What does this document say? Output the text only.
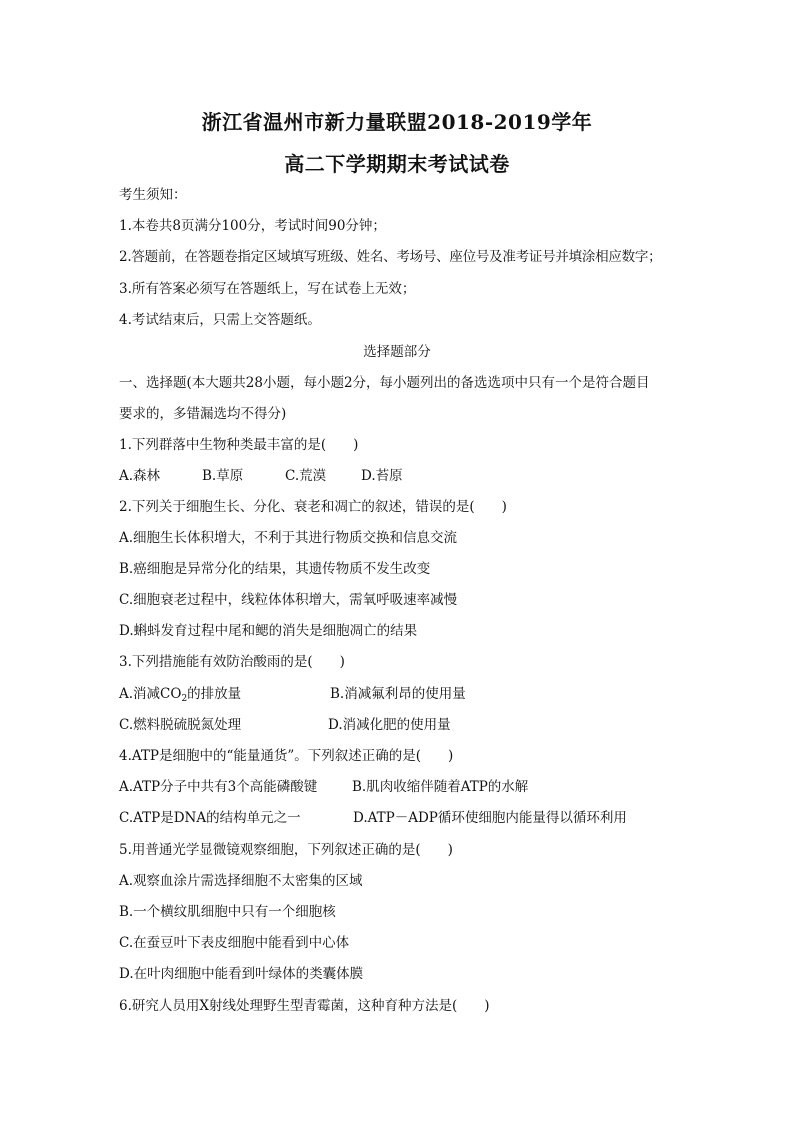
浙江省温州市新力量联盟2018-2019学年
高二下学期期末考试试卷
考生须知：
1.本卷共8页满分100分，考试时间90分钟；
2.答题前，在答题卷指定区域填写班级、姓名、考场号、座位号及准考证号并填涂相应数字；
3.所有答案必须写在答题纸上，写在试卷上无效；
4.考试结束后，只需上交答题纸。
选择题部分
一、选择题(本大题共28小题，每小题2分，每小题列出的备选选项中只有一个是符合题目
要求的，多错漏选均不得分)
1.下列群落中生物种类最丰富的是(　　)
A.森林	B.草原	C.荒漠	D.苔原
2.下列关于细胞生长、分化、衰老和凋亡的叙述，错误的是(　　)
A.细胞生长体积增大，不利于其进行物质交换和信息交流
B.癌细胞是异常分化的结果，其遗传物质不发生改变
C.细胞衰老过程中，线粒体体积增大，需氧呼吸速率减慢
D.蝌蚪发育过程中尾和鳃的消失是细胞凋亡的结果
3.下列措施能有效防治酸雨的是(　　)
A.消减$CO_2$的排放量	B.消减氟利昂的使用量
C.燃料脱硫脱氮处理	D.消减化肥的使用量
4.ATP是细胞中的“能量通货”。下列叙述正确的是(　　)
A.ATP分子中共有3个高能磷酸键	B.肌肉收缩伴随着ATP的水解
C.ATP是DNA的结构单元之一	D.ATP－ADP循环使细胞内能量得以循环利用
5.用普通光学显微镜观察细胞，下列叙述正确的是(　　)
A.观察血涂片需选择细胞不太密集的区域
B.一个横纹肌细胞中只有一个细胞核
C.在蚕豆叶下表皮细胞中能看到中心体
D.在叶肉细胞中能看到叶绿体的类囊体膜
6.研究人员用X射线处理野生型青霉菌，这种育种方法是(　　)
